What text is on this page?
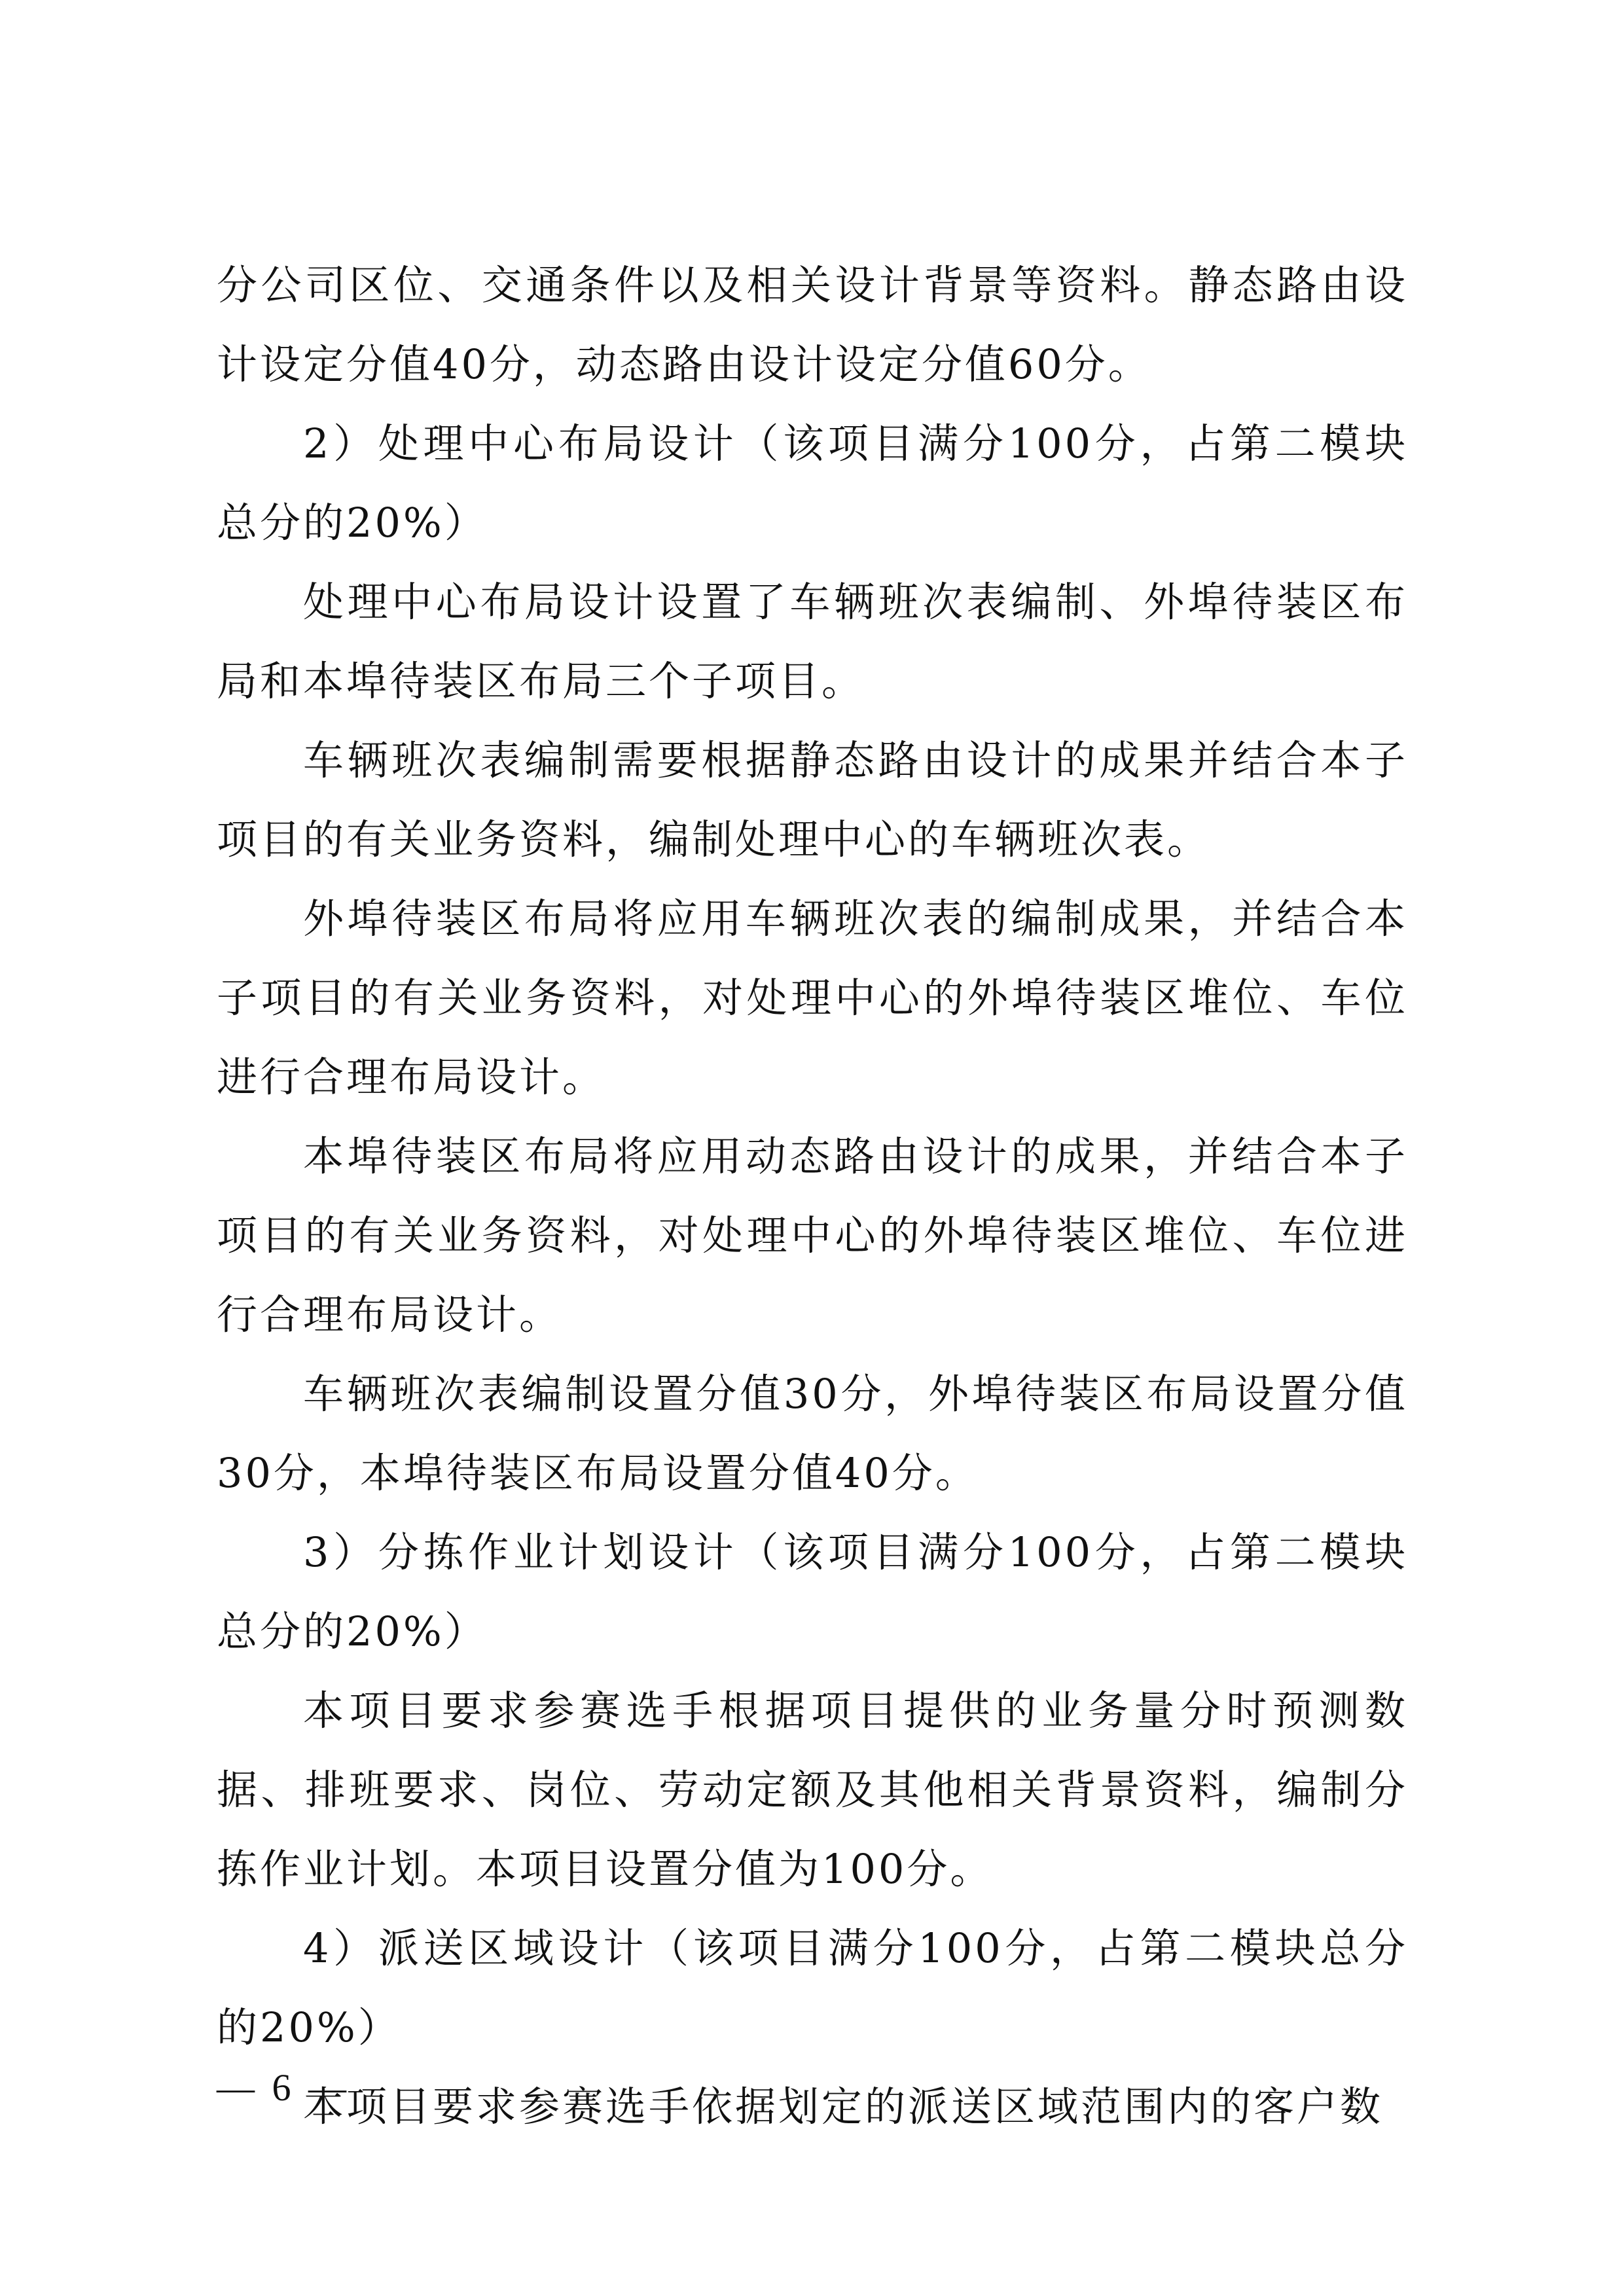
分公司区位、交通条件以及相关设计背景等资料。静态路由设计设定分值40分，动态路由设计设定分值60分。

2）处理中心布局设计（该项目满分100分，占第二模块总分的20%）

处理中心布局设计设置了车辆班次表编制、外埠待装区布局和本埠待装区布局三个子项目。

车辆班次表编制需要根据静态路由设计的成果并结合本子项目的有关业务资料，编制处理中心的车辆班次表。

外埠待装区布局将应用车辆班次表的编制成果，并结合本子项目的有关业务资料，对处理中心的外埠待装区堆位、车位进行合理布局设计。

本埠待装区布局将应用动态路由设计的成果，并结合本子项目的有关业务资料，对处理中心的外埠待装区堆位、车位进行合理布局设计。

车辆班次表编制设置分值30分，外埠待装区布局设置分值30分，本埠待装区布局设置分值40分。

3）分拣作业计划设计（该项目满分100分，占第二模块总分的20%）

本项目要求参赛选手根据项目提供的业务量分时预测数据、排班要求、岗位、劳动定额及其他相关背景资料，编制分拣作业计划。本项目设置分值为100分。

4）派送区域设计（该项目满分100分，占第二模块总分的20%）

本项目要求参赛选手依据划定的派送区域范围内的客户数

— 6 —
